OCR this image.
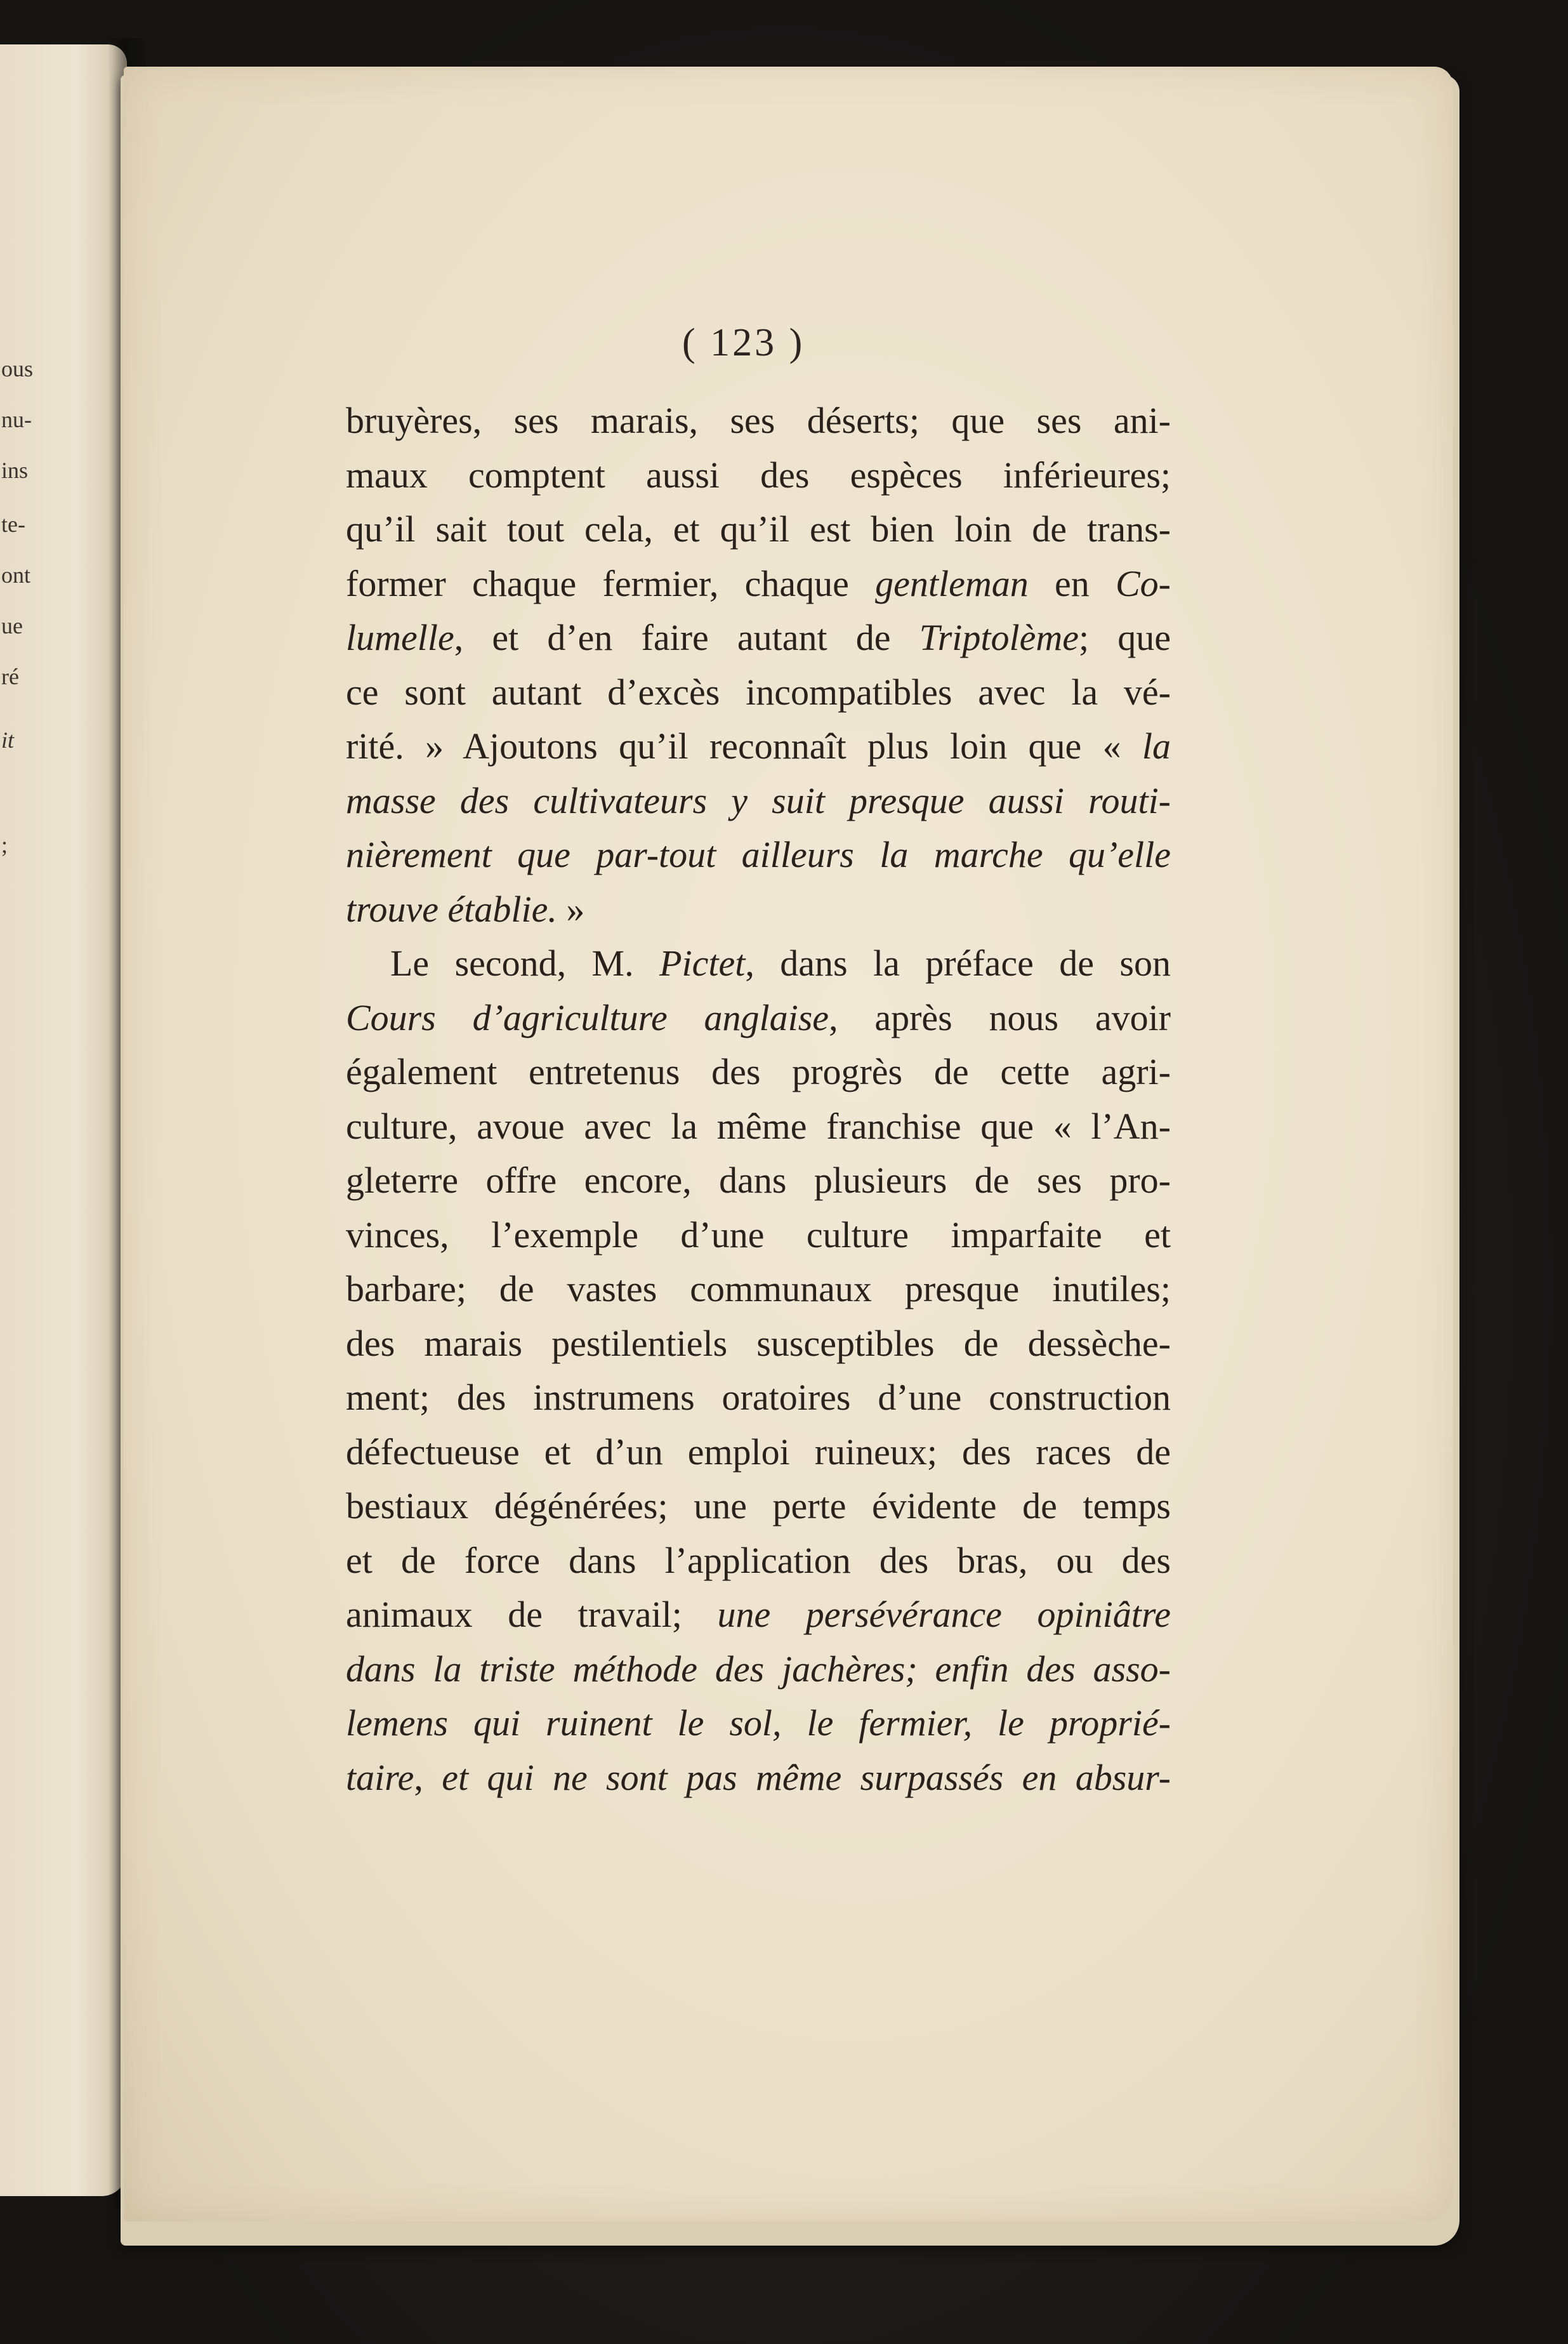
ous
nu-
ins
te-
ont
ue
ré
it
;
( 123 )
bruyères, ses marais, ses déserts; que ses ani-
maux comptent aussi des espèces inférieures;
qu’il sait tout cela, et qu’il est bien loin de trans-
former chaque fermier, chaque gentleman en Co-
lumelle, et d’en faire autant de Triptolème; que
ce sont autant d’excès incompatibles avec la vé-
rité. » Ajoutons qu’il reconnaît plus loin que « la
masse des cultivateurs y suit presque aussi routi-
nièrement que par-tout ailleurs la marche qu’elle
trouve établie. »
Le second, M. Pictet, dans la préface de son
Cours d’agriculture anglaise, après nous avoir
également entretenus des progrès de cette agri-
culture, avoue avec la même franchise que « l’An-
gleterre offre encore, dans plusieurs de ses pro-
vinces, l’exemple d’une culture imparfaite et
barbare; de vastes communaux presque inutiles;
des marais pestilentiels susceptibles de dessèche-
ment; des instrumens oratoires d’une construction
défectueuse et d’un emploi ruineux; des races de
bestiaux dégénérées; une perte évidente de temps
et de force dans l’application des bras, ou des
animaux de travail; une persévérance opiniâtre
dans la triste méthode des jachères; enfin des asso-
lemens qui ruinent le sol, le fermier, le proprié-
taire, et qui ne sont pas même surpassés en absur-
